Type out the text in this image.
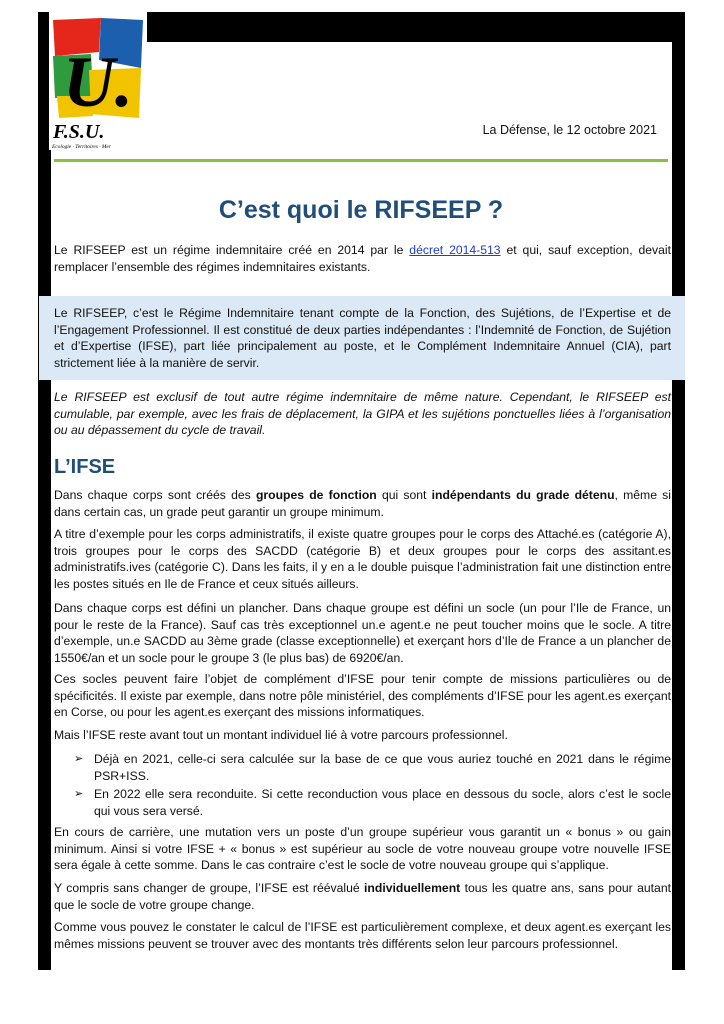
U.
F.S.U.
Ecologie · Territoires · Mer
La Défense, le 12 octobre 2021
C’est quoi le RIFSEEP ?

Le RIFSEEP est un régime indemnitaire créé en 2014 par le décret 2014-513 et qui, sauf exception, devait remplacer l’ensemble des régimes indemnitaires existants.

Le RIFSEEP, c’est le Régime Indemnitaire tenant compte de la Fonction, des Sujétions, de l’Expertise et de l’Engagement Professionnel. Il est constitué de deux parties indépendantes : l’Indemnité de Fonction, de Sujétion et d’Expertise (IFSE), part liée principalement au poste, et le Complément Indemnitaire Annuel (CIA), part strictement liée à la manière de servir.

Le RIFSEEP est exclusif de tout autre régime indemnitaire de même nature. Cependant, le RIFSEEP est cumulable, par exemple, avec les frais de déplacement, la GIPA et les sujétions ponctuelles liées à l’organisation ou au dépassement du cycle de travail.

L’IFSE

Dans chaque corps sont créés des groupes de fonction qui sont indépendants du grade détenu, même si dans certain cas, un grade peut garantir un groupe minimum.

A titre d’exemple pour les corps administratifs, il existe quatre groupes pour le corps des Attaché.es (catégorie A), trois groupes pour le corps des SACDD (catégorie B) et deux groupes pour le corps des assitant.es administratifs.ives (catégorie C). Dans les faits, il y en a le double puisque l’administration fait une distinction entre les postes situés en Ile de France et ceux situés ailleurs.

Dans chaque corps est défini un plancher. Dans chaque groupe est défini un socle (un pour l’Ile de France, un pour le reste de la France). Sauf cas très exceptionnel un.e agent.e ne peut toucher moins que le socle. A titre d’exemple, un.e SACDD au 3ème grade (classe exceptionnelle) et exerçant hors d’Ile de France a un plancher de 1550€/an et un socle pour le groupe 3 (le plus bas) de 6920€/an.

Ces socles peuvent faire l’objet de complément d’IFSE pour tenir compte de missions particulières ou de spécificités. Il existe par exemple, dans notre pôle ministériel, des compléments d’IFSE pour les agent.es exerçant en Corse, ou pour les agent.es exerçant des missions informatiques.

Mais l’IFSE reste avant tout un montant individuel lié à votre parcours professionnel.

➢ Déjà en 2021, celle-ci sera calculée sur la base de ce que vous auriez touché en 2021 dans le régime PSR+ISS.
➢ En 2022 elle sera reconduite. Si cette reconduction vous place en dessous du socle, alors c’est le socle qui vous sera versé.

En cours de carrière, une mutation vers un poste d’un groupe supérieur vous garantit un « bonus » ou gain minimum. Ainsi si votre IFSE + « bonus » est supérieur au socle de votre nouveau groupe votre nouvelle IFSE sera égale à cette somme. Dans le cas contraire c’est le socle de votre nouveau groupe qui s’applique.

Y compris sans changer de groupe, l’IFSE est réévalué individuellement tous les quatre ans, sans pour autant que le socle de votre groupe change.

Comme vous pouvez le constater le calcul de l’IFSE est particulièrement complexe, et deux agent.es exerçant les mêmes missions peuvent se trouver avec des montants très différents selon leur parcours professionnel.
